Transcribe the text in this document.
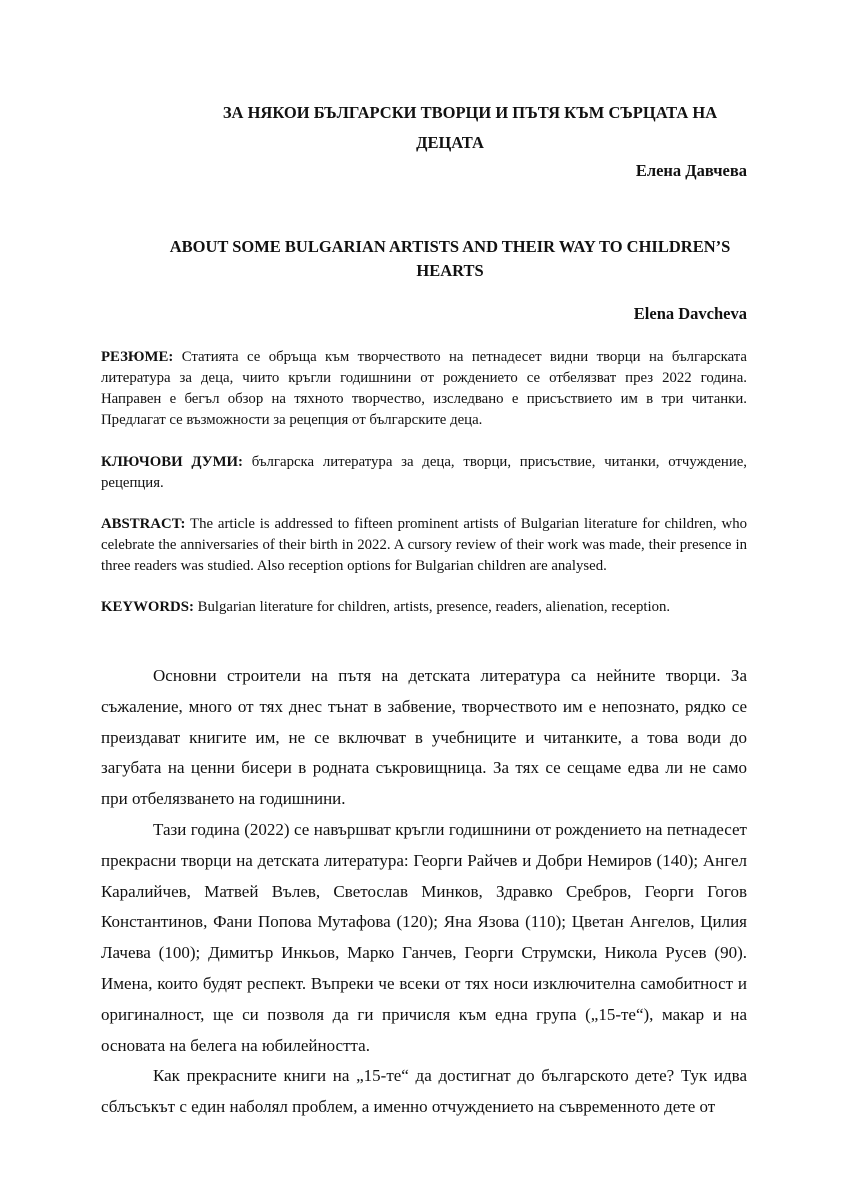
ЗА НЯКОИ БЪЛГАРСКИ ТВОРЦИ И ПЪТЯ КЪМ СЪРЦАТА НА ДЕЦАТА
Елена Давчева
ABOUT SOME BULGARIAN ARTISTS AND THEIR WAY TO CHILDREN’S HEARTS
Elena Davcheva
РЕЗЮМЕ: Статията се обръща към творчеството на петнадесет видни творци на българската литература за деца, чиито кръгли годишнини от рождението се отбелязват през 2022 година. Направен е бегъл обзор на тяхното творчество, изследвано е присъствието им в три читанки. Предлагат се възможности за рецепция от българските деца.
КЛЮЧОВИ ДУМИ: българска литература за деца, творци, присъствие, читанки, отчуждение, рецепция.
ABSTRACT: The article is addressed to fifteen prominent artists of Bulgarian literature for children, who celebrate the anniversaries of their birth in 2022. A cursory review of their work was made, their presence in three readers was studied. Also reception options for Bulgarian children are analysed.
KEYWORDS: Bulgarian literature for children, artists, presence, readers, alienation, reception.

Основни строители на пътя на детската литература са нейните творци. За съжаление, много от тях днес тънат в забвение, творчеството им е непознато, рядко се преиздават книгите им, не се включват в учебниците и читанките, а това води до загубата на ценни бисери в родната съкровищница. За тях се сещаме едва ли не само при отбелязването на годишнини.

Тази година (2022) се навършват кръгли годишнини от рождението на петнадесет прекрасни творци на детската литература: Георги Райчев и Добри Немиров (140); Ангел Каралийчев, Матвей Вълев, Светослав Минков, Здравко Сребров, Георги Гогов Константинов, Фани Попова Мутафова (120); Яна Язова (110); Цветан Ангелов, Цилия Лачева (100); Димитър Инкьов, Марко Ганчев, Георги Струмски, Никола Русев (90). Имена, които будят респект. Въпреки че всеки от тях носи изключителна самобитност и оригиналност, ще си позволя да ги причисля към една група („15-те“), макар и на основата на белега на юбилейността.

Как прекрасните книги на „15-те“ да достигнат до българското дете? Тук идва сблъсъкът с един наболял проблем, а именно отчуждението на съвременното дете от
